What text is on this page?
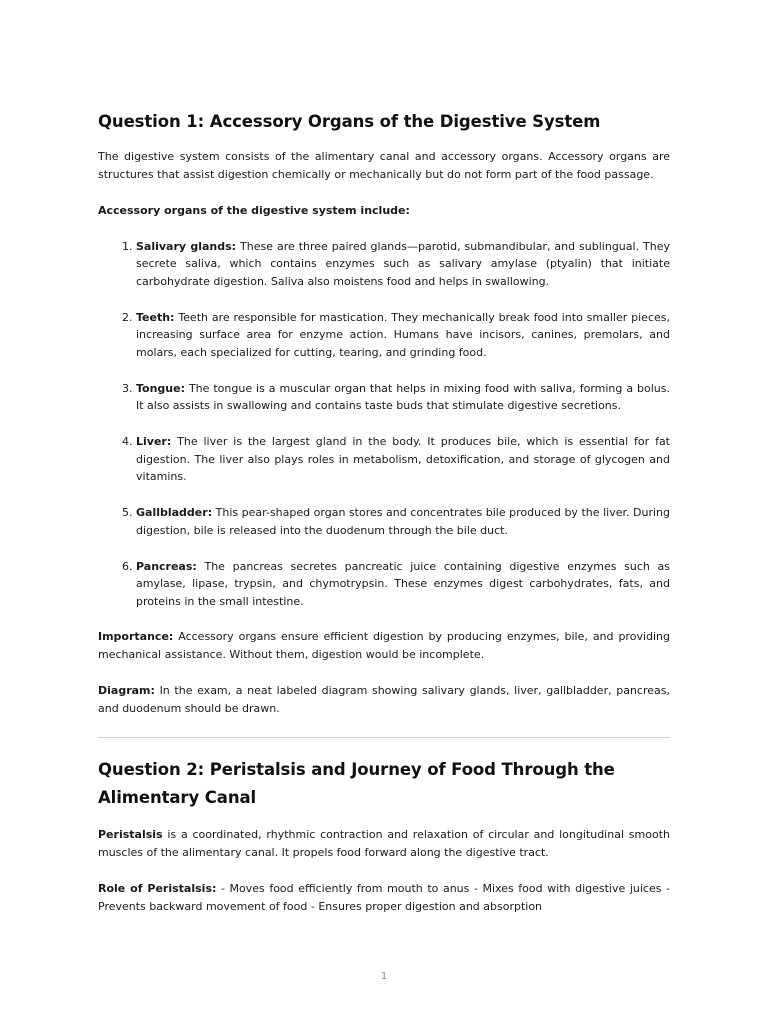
Question 1: Accessory Organs of the Digestive System

The digestive system consists of the alimentary canal and accessory organs. Accessory organs are structures that assist digestion chemically or mechanically but do not form part of the food passage.

Accessory organs of the digestive system include:

1. Salivary glands: These are three paired glands—parotid, submandibular, and sublingual. They secrete saliva, which contains enzymes such as salivary amylase (ptyalin) that initiate carbohydrate digestion. Saliva also moistens food and helps in swallowing.
2. Teeth: Teeth are responsible for mastication. They mechanically break food into smaller pieces, increasing surface area for enzyme action. Humans have incisors, canines, premolars, and molars, each specialized for cutting, tearing, and grinding food.
3. Tongue: The tongue is a muscular organ that helps in mixing food with saliva, forming a bolus. It also assists in swallowing and contains taste buds that stimulate digestive secretions.
4. Liver: The liver is the largest gland in the body. It produces bile, which is essential for fat digestion. The liver also plays roles in metabolism, detoxification, and storage of glycogen and vitamins.
5. Gallbladder: This pear-shaped organ stores and concentrates bile produced by the liver. During digestion, bile is released into the duodenum through the bile duct.
6. Pancreas: The pancreas secretes pancreatic juice containing digestive enzymes such as amylase, lipase, trypsin, and chymotrypsin. These enzymes digest carbohydrates, fats, and proteins in the small intestine.

Importance: Accessory organs ensure efficient digestion by producing enzymes, bile, and providing mechanical assistance. Without them, digestion would be incomplete.

Diagram: In the exam, a neat labeled diagram showing salivary glands, liver, gallbladder, pancreas, and duodenum should be drawn.

Question 2: Peristalsis and Journey of Food Through the Alimentary Canal

Peristalsis is a coordinated, rhythmic contraction and relaxation of circular and longitudinal smooth muscles of the alimentary canal. It propels food forward along the digestive tract.

Role of Peristalsis: - Moves food efficiently from mouth to anus - Mixes food with digestive juices - Prevents backward movement of food - Ensures proper digestion and absorption

1
